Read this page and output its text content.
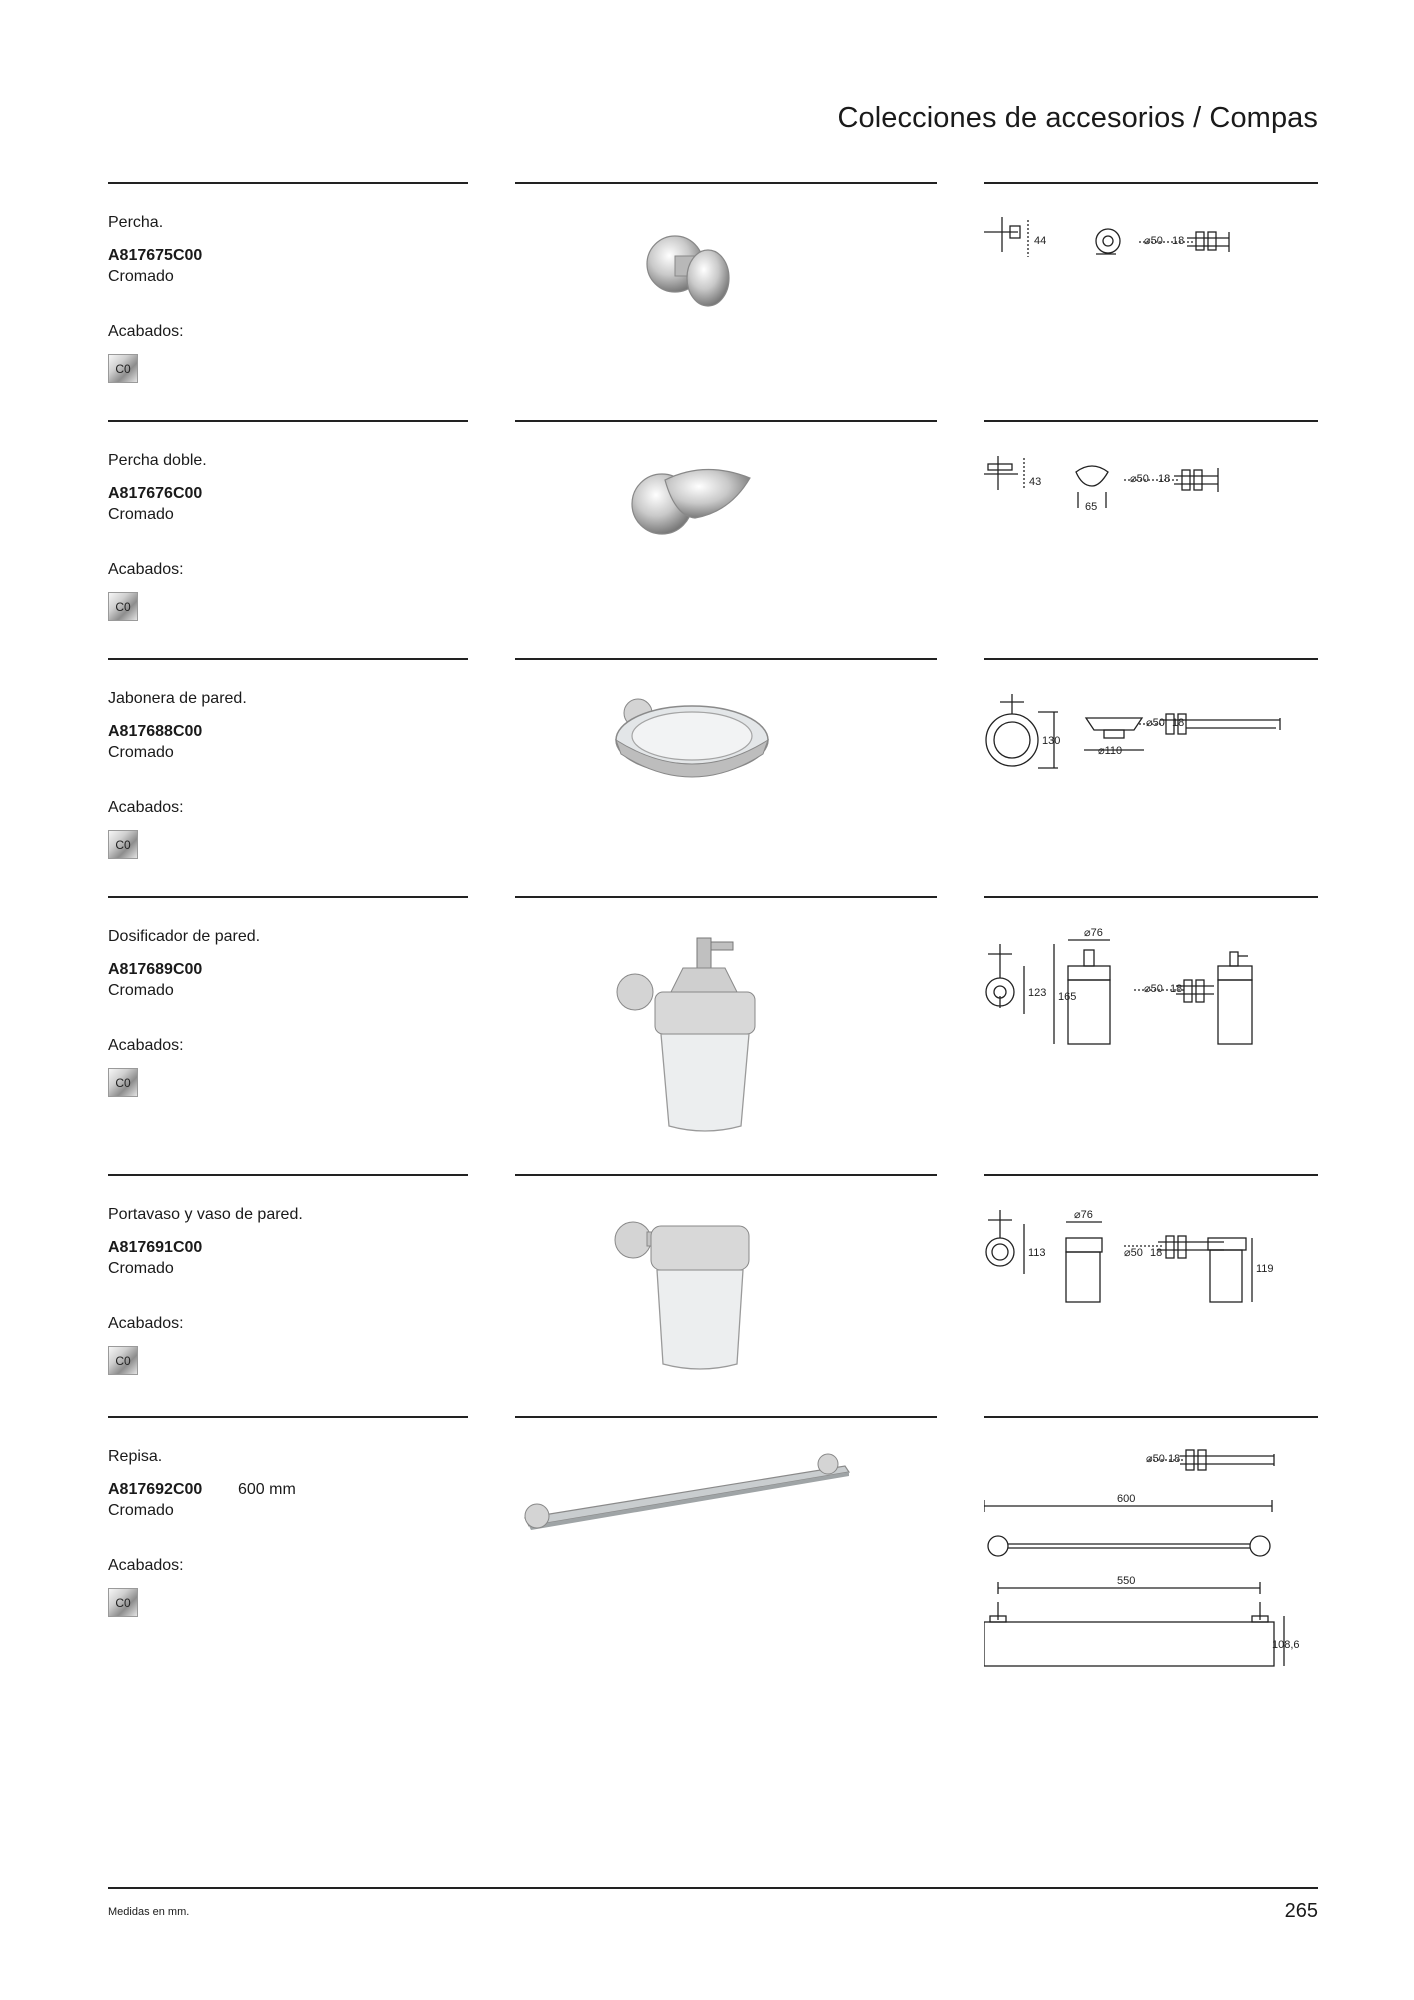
Colecciones de accesorios / Compas

Percha.

A817675C00

Cromado

Acabados:

C0
44	⌀50 18

Percha doble.

A817676C00

Cromado

Acabados:

C0
43
65
⌀50 18

Jabonera de pared.

A817688C00

Cromado

Acabados:

C0
130
⌀110
⌀50 18

Dosificador de pared.

A817689C00

Cromado

Acabados:

C0
123
⌀76
165
⌀50 18

Portavaso y vaso de pared.

A817691C00

Cromado

Acabados:

C0
113
⌀76
⌀50 18
119

Repisa.

A817692C00 600 mm

Cromado

Acabados:

C0
⌀50 18
600
550
108,6

Medidas en mm.	265
